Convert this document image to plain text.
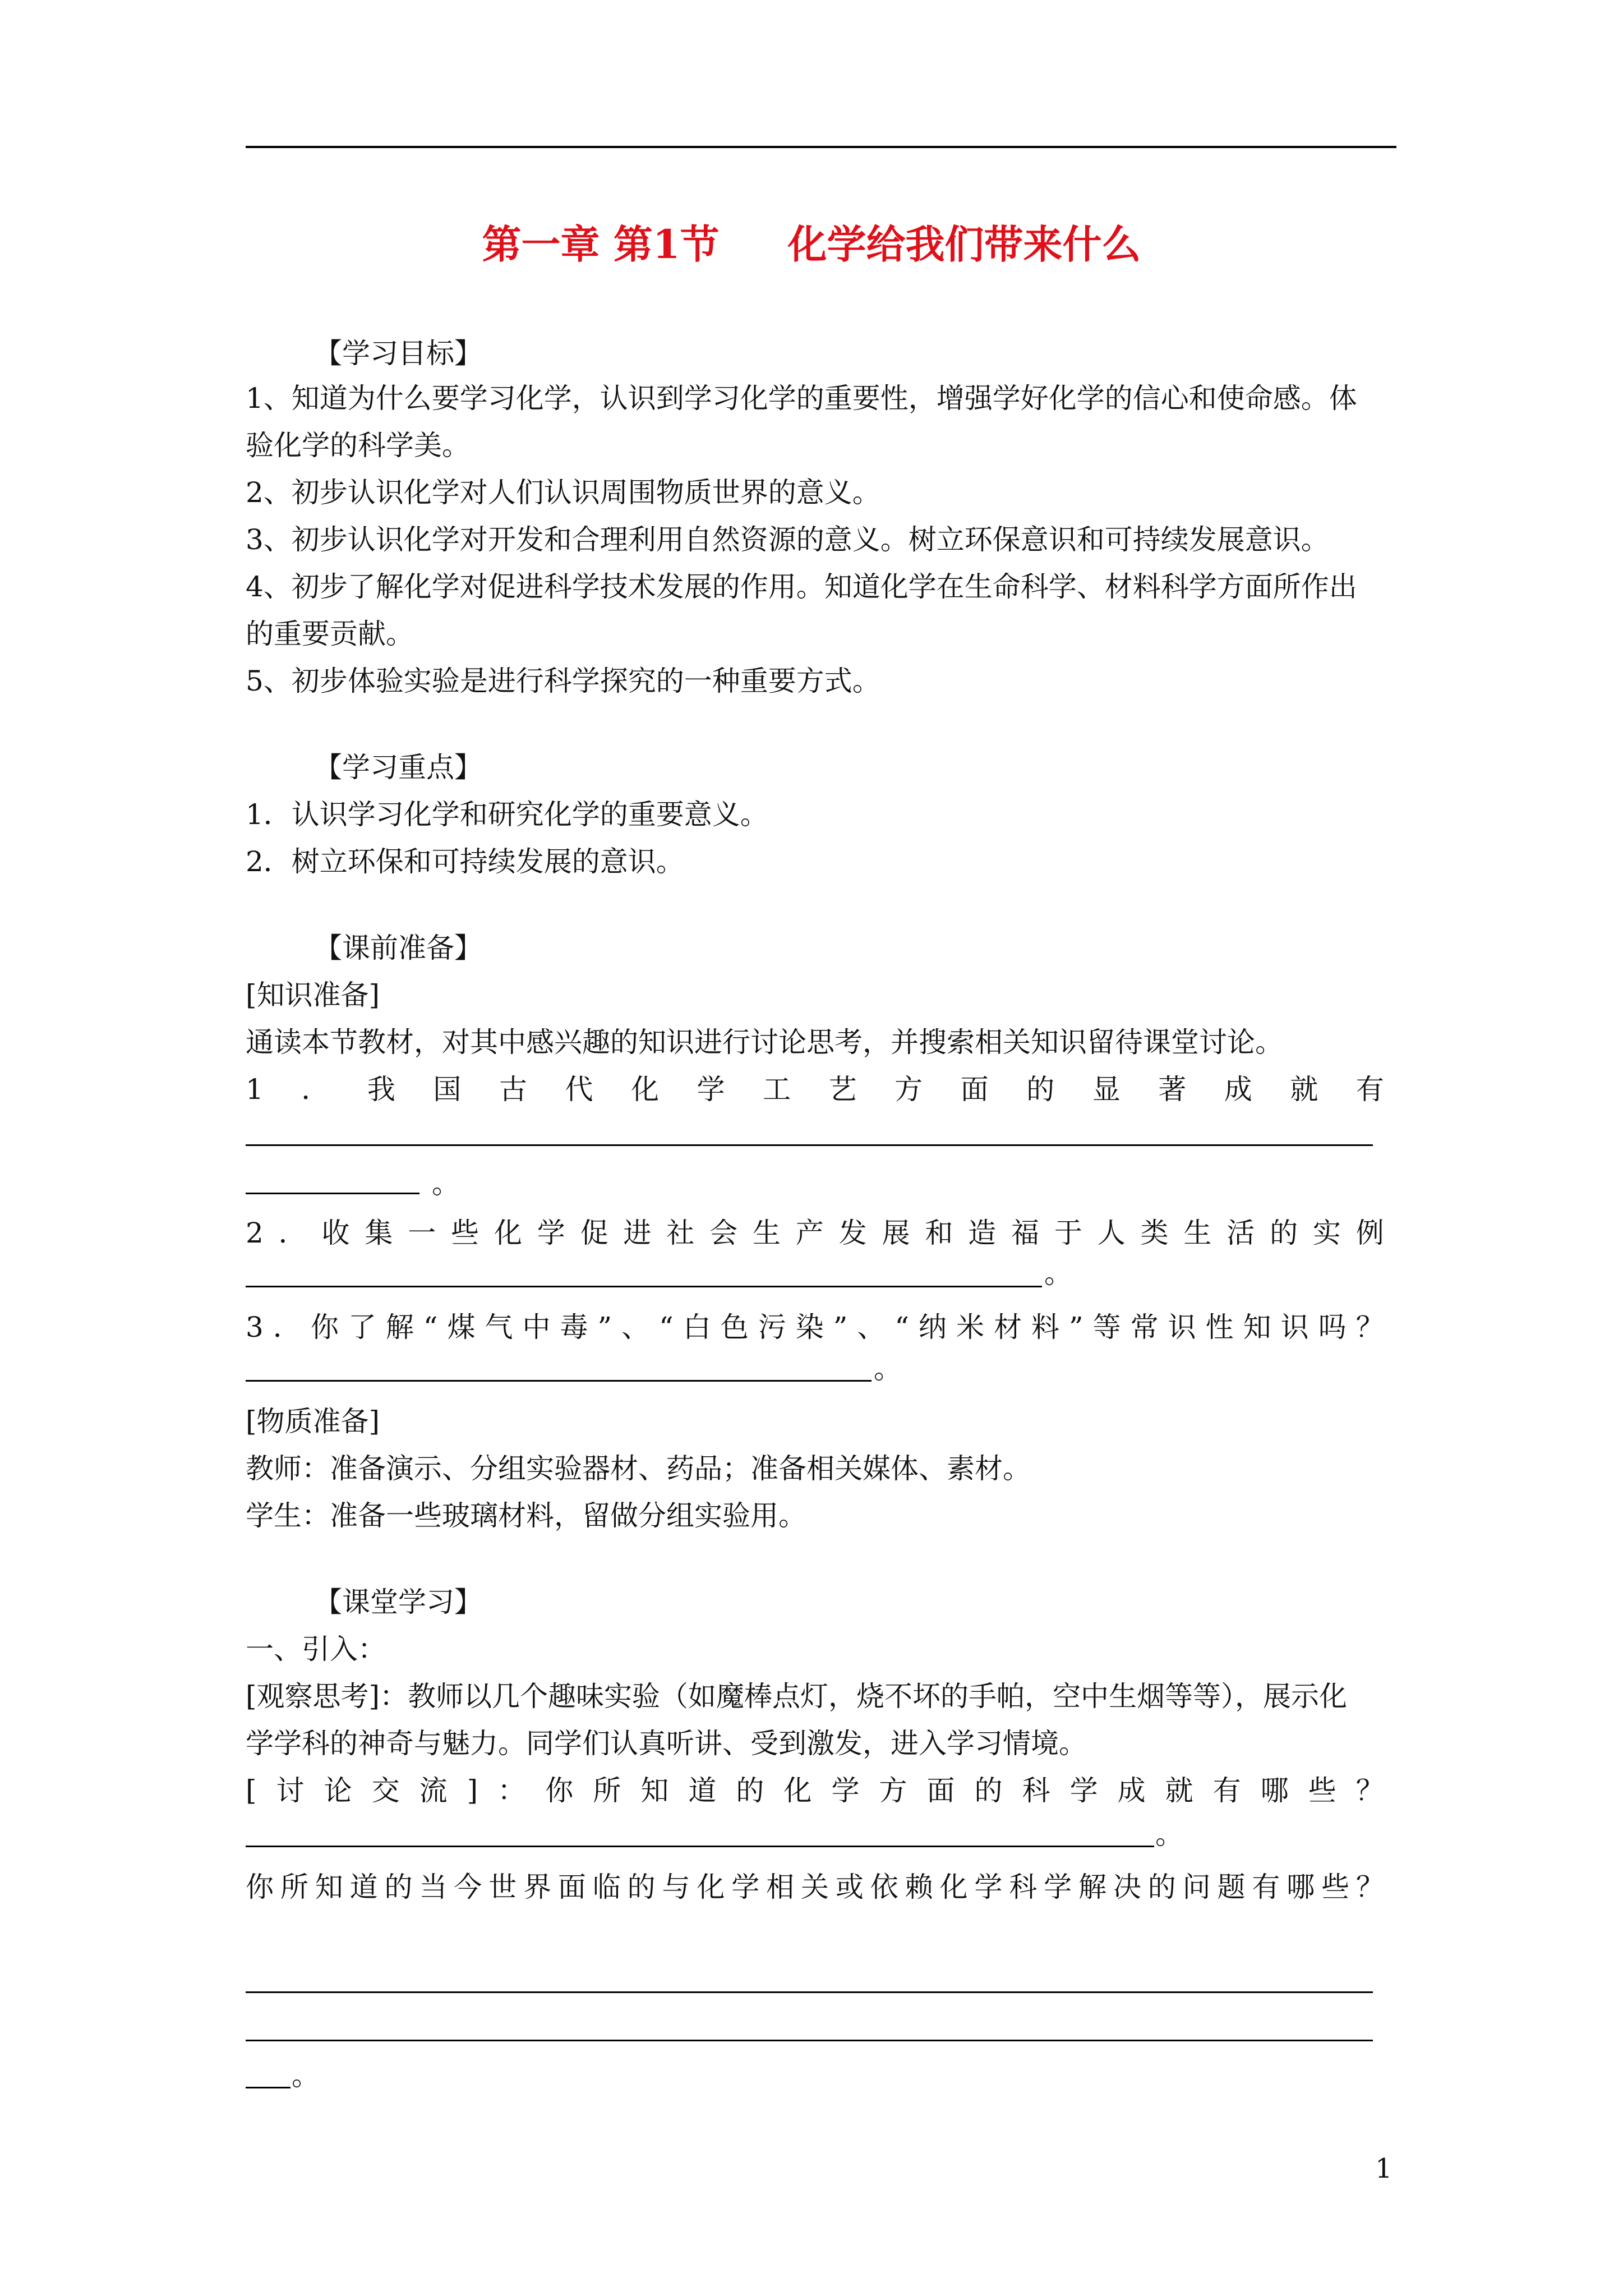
第一章 第1节     化学给我们带来什么
【学习目标】
1、知道为什么要学习化学，认识到学习化学的重要性，增强学好化学的信心和使命感。体
验化学的科学美。
2、初步认识化学对人们认识周围物质世界的意义。
3、初步认识化学对开发和合理利用自然资源的意义。树立环保意识和可持续发展意识。
4、初步了解化学对促进科学技术发展的作用。知道化学在生命科学、材料科学方面所作出
的重要贡献。
5、初步体验实验是进行科学探究的一种重要方式。
【学习重点】
1．认识学习化学和研究化学的重要意义。
2．树立环保和可持续发展的意识。
【课前准备】
[知识准备]
通读本节教材，对其中感兴趣的知识进行讨论思考，并搜索相关知识留待课堂讨论。
1 ． 我 国 古 代 化 学 工 艺 方 面 的 显 著 成 就 有
。
2 ． 收 集 一 些 化 学 促 进 社 会 生 产 发 展 和 造 福 于 人 类 生 活 的 实 例
。
3 ． 你 了 解 “ 煤 气 中 毒 ” 、 “ 白 色 污 染 ” 、 “ 纳 米 材 料 ” 等 常 识 性 知 识 吗 ？
。
[物质准备]
教师：准备演示、分组实验器材、药品；准备相关媒体、素材。
学生：准备一些玻璃材料，留做分组实验用。
【课堂学习】
一、引入：
[观察思考]：教师以几个趣味实验（如魔棒点灯，烧不坏的手帕，空中生烟等等），展示化
学学科的神奇与魅力。同学们认真听讲、受到激发，进入学习情境。
[ 讨 论 交 流 ] ： 你 所 知 道 的 化 学 方 面 的 科 学 成 就 有 哪 些 ？
。
你 所 知 道 的 当 今 世 界 面 临 的 与 化 学 相 关 或 依 赖 化 学 科 学 解 决 的 问 题 有 哪 些 ？
。
1
